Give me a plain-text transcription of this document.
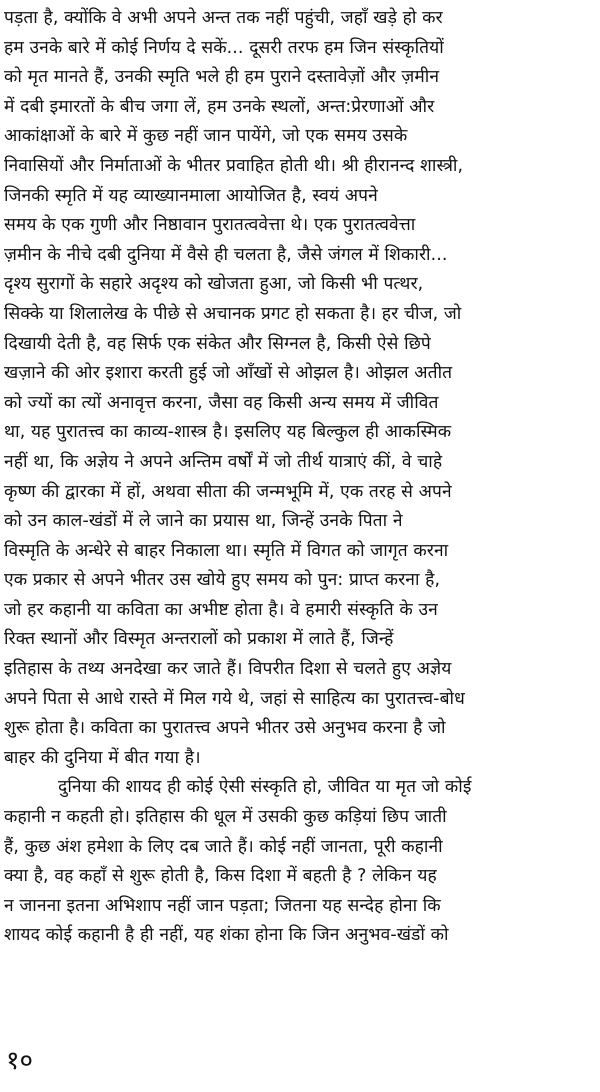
पड़ता है, क्योंकि वे अभी अपने अन्त तक नहीं पहुंची, जहाँ खड़े हो कर
हम उनके बारे में कोई निर्णय दे सकें... दूसरी तरफ हम जिन संस्कृतियों
को मृत मानते हैं, उनकी स्मृति भले ही हम पुराने दस्तावेज़ों और ज़मीन
में दबी इमारतों के बीच जगा लें, हम उनके स्थलों, अन्त:प्रेरणाओं और
आकांक्षाओं के बारे में कुछ नहीं जान पायेंगे, जो एक समय उसके
निवासियों और निर्माताओं के भीतर प्रवाहित होती थी। श्री हीरानन्द शास्त्री,
जिनकी स्मृति में यह व्याख्यानमाला आयोजित है, स्वयं अपने
समय के एक गुणी और निष्ठावान पुरातत्ववेत्ता थे। एक पुरातत्ववेत्ता
ज़मीन के नीचे दबी दुनिया में वैसे ही चलता है, जैसे जंगल में शिकारी...
दृश्य सुरागों के सहारे अदृश्य को खोजता हुआ, जो किसी भी पत्थर,
सिक्के या शिलालेख के पीछे से अचानक प्रगट हो सकता है। हर चीज, जो
दिखायी देती है, वह सिर्फ एक संकेत और सिग्नल है, किसी ऐसे छिपे
खज़ाने की ओर इशारा करती हुई जो आँखों से ओझल है। ओझल अतीत
को ज्यों का त्यों अनावृत्त करना, जैसा वह किसी अन्य समय में जीवित
था, यह पुरातत्त्व का काव्य-शास्त्र है। इसलिए यह बिल्कुल ही आकस्मिक
नहीं था, कि अज्ञेय ने अपने अन्तिम वर्षों में जो तीर्थ यात्राएं कीं, वे चाहे
कृष्ण की द्वारका में हों, अथवा सीता की जन्मभूमि में, एक तरह से अपने
को उन काल-खंडों में ले जाने का प्रयास था, जिन्हें उनके पिता ने
विस्मृति के अन्धेरे से बाहर निकाला था। स्मृति में विगत को जागृत करना
एक प्रकार से अपने भीतर उस खोये हुए समय को पुन: प्राप्त करना है,
जो हर कहानी या कविता का अभीष्ट होता है। वे हमारी संस्कृति के उन
रिक्त स्थानों और विस्मृत अन्तरालों को प्रकाश में लाते हैं, जिन्हें
इतिहास के तथ्य अनदेखा कर जाते हैं। विपरीत दिशा से चलते हुए अज्ञेय
अपने पिता से आधे रास्ते में मिल गये थे, जहां से साहित्य का पुरातत्त्व-बोध
शुरू होता है। कविता का पुरातत्त्व अपने भीतर उसे अनुभव करना है जो
बाहर की दुनिया में बीत गया है।
दुनिया की शायद ही कोई ऐसी संस्कृति हो, जीवित या मृत जो कोई
कहानी न कहती हो। इतिहास की धूल में उसकी कुछ कड़ियां छिप जाती
हैं, कुछ अंश हमेशा के लिए दब जाते हैं। कोई नहीं जानता, पूरी कहानी
क्या है, वह कहाँ से शुरू होती है, किस दिशा में बहती है ? लेकिन यह
न जानना इतना अभिशाप नहीं जान पड़ता; जितना यह सन्देह होना कि
शायद कोई कहानी है ही नहीं, यह शंका होना कि जिन अनुभव-खंडों को
१०
